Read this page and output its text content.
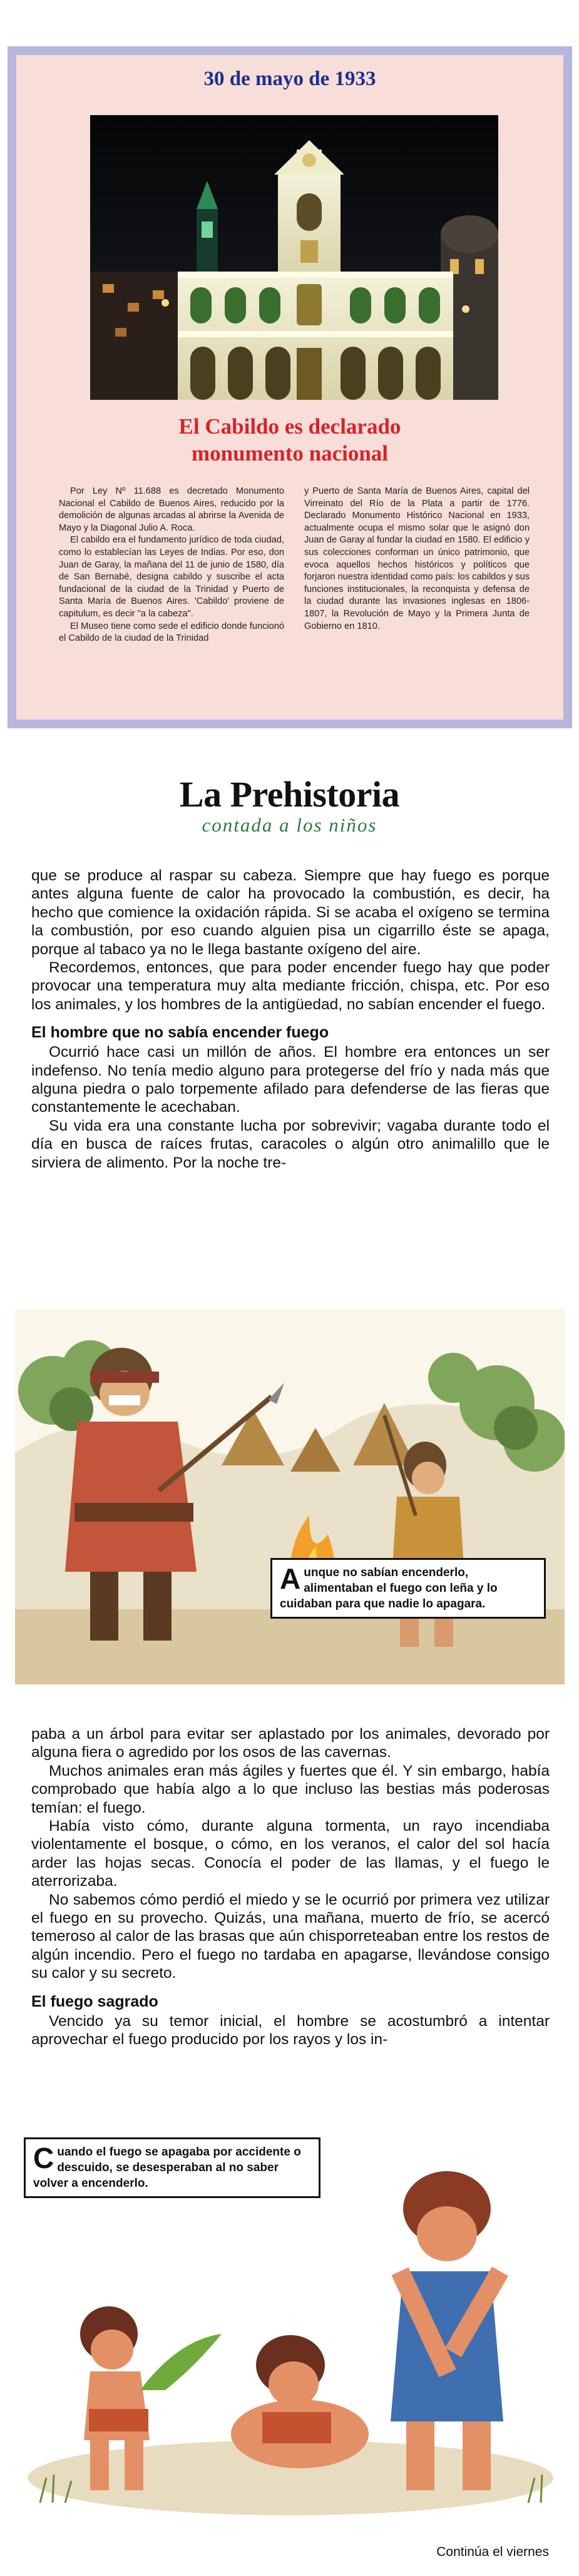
30 de mayo de 1933
El Cabildo es declarado
monumento nacional

Por Ley Nº 11.688 es decretado Monumento Nacional el Cabildo de Buenos Aires, reducido por la demolición de algunas arcadas al abrirse la Avenida de Mayo y la Diagonal Julio A. Roca.

El cabildo era el fundamento jurídico de toda ciudad, como lo establecían las Leyes de Indias. Por eso, don Juan de Garay, la mañana del 11 de junio de 1580, día de San Bernabé, designa cabildo y suscribe el acta fundacional de la ciudad de la Trinidad y Puerto de Santa María de Buenos Aires. 'Cabildo' proviene de capitulum, es decir "a la cabeza".

El Museo tiene como sede el edificio donde funcionó el Cabildo de la ciudad de la Trinidad

y Puerto de Santa María de Buenos Aires, capital del Virreinato del Río de la Plata a partir de 1776. Declarado Monumento Histórico Nacional en 1933, actualmente ocupa el mismo solar que le asignó don Juan de Garay al fundar la ciudad en 1580. El edificio y sus colecciones conforman un único patrimonio, que evoca aquellos hechos históricos y políticos que forjaron nuestra identidad como país: los cabildos y sus funciones institucionales, la reconquista y defensa de la ciudad durante las invasiones inglesas en 1806-1807, la Revolución de Mayo y la Primera Junta de Gobierno en 1810.

La Prehistoria
contada a los niños

que se produce al raspar su cabeza. Siempre que hay fuego es porque antes alguna fuente de calor ha provocado la combustión, es decir, ha hecho que comience la oxidación rápida. Si se acaba el oxígeno se termina la combustión, por eso cuando alguien pisa un cigarrillo éste se apaga, porque al tabaco ya no le llega bastante oxígeno del aire.

Recordemos, entonces, que para poder encender fuego hay que poder provocar una temperatura muy alta mediante fricción, chispa, etc. Por eso los animales, y los hombres de la antigüedad, no sabían encender el fuego.

El hombre que no sabía encender fuego

Ocurrió hace casi un millón de años. El hombre era entonces un ser indefenso. No tenía medio alguno para protegerse del frío y nada más que alguna piedra o palo torpemente afilado para defenderse de las fieras que constantemente le acechaban.

Su vida era una constante lucha por sobrevivir; vagaba durante todo el día en busca de raíces frutas, caracoles o algún otro animalillo que le sirviera de alimento. Por la noche tre-

Aunque no sabían encenderlo, alimentaban el fuego con leña y lo cuidaban para que nadie lo apagara.

paba a un árbol para evitar ser aplastado por los animales, devorado por alguna fiera o agredido por los osos de las cavernas.

Muchos animales eran más ágiles y fuertes que él. Y sin embargo, había comprobado que había algo a lo que incluso las bestias más poderosas temían: el fuego.

Había visto cómo, durante alguna tormenta, un rayo incendiaba violentamente el bosque, o cómo, en los veranos, el calor del sol hacía arder las hojas secas. Conocía el poder de las llamas, y el fuego le aterrorizaba.

No sabemos cómo perdió el miedo y se le ocurrió por primera vez utilizar el fuego en su provecho. Quizás, una mañana, muerto de frío, se acercó temeroso al calor de las brasas que aún chisporreteaban entre los restos de algún incendio. Pero el fuego no tardaba en apagarse, llevándose consigo su calor y su secreto.

El fuego sagrado

Vencido ya su temor inicial, el hombre se acostumbró a intentar aprovechar el fuego producido por los rayos y los in-

Cuando el fuego se apagaba por accidente o descuido, se desesperaban al no saber volver a encenderlo.
Continúa el viernes
